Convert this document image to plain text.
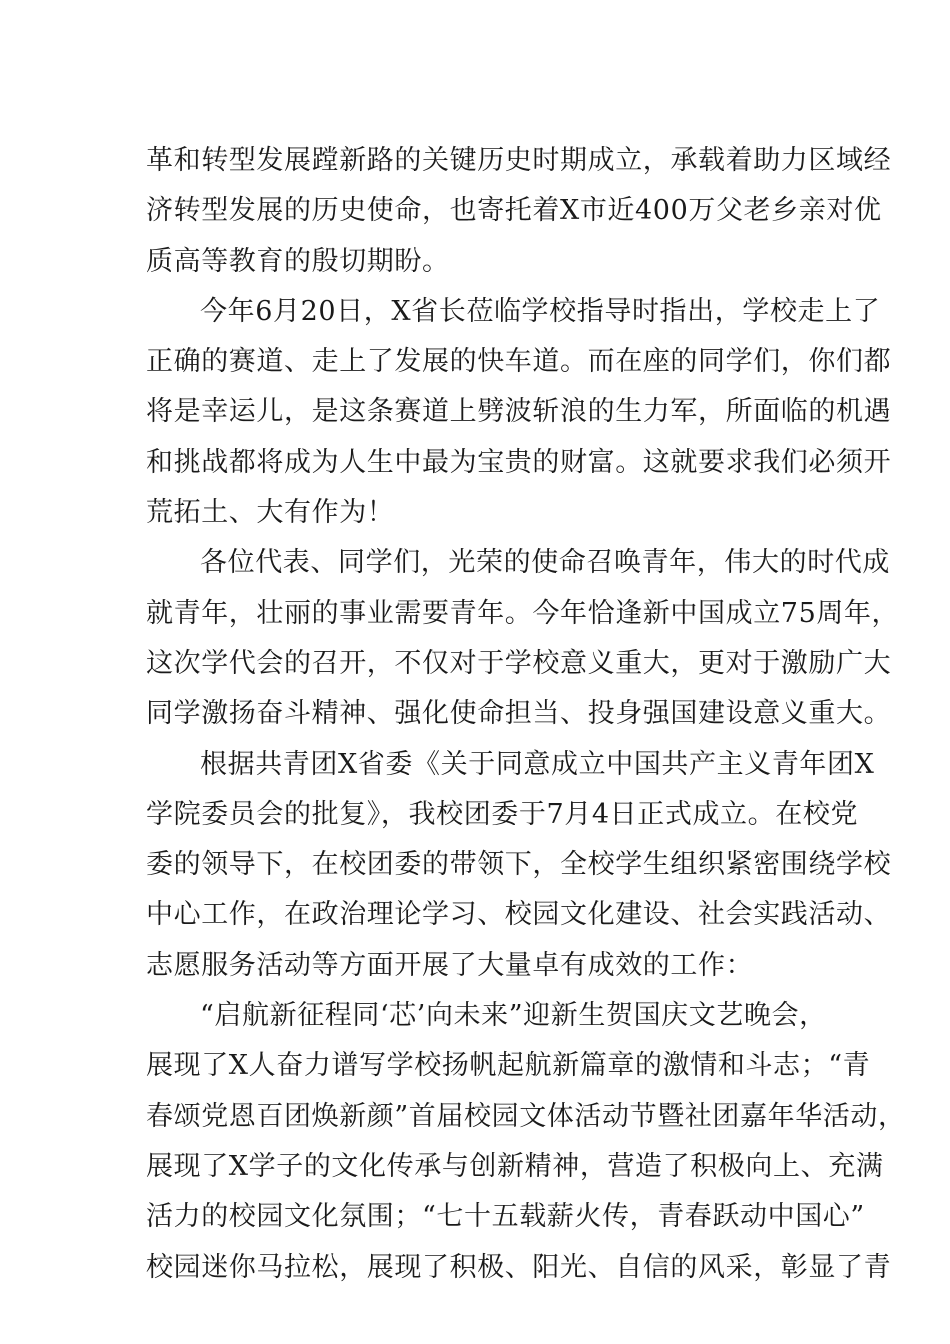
革和转型发展蹚新路的关键历史时期成立，承载着助力区域经
济转型发展的历史使命，也寄托着X市近400万父老乡亲对优
质高等教育的殷切期盼。
今年6月20日，X省长莅临学校指导时指出，学校走上了
正确的赛道、走上了发展的快车道。而在座的同学们，你们都
将是幸运儿，是这条赛道上劈波斩浪的生力军，所面临的机遇
和挑战都将成为人生中最为宝贵的财富。这就要求我们必须开
荒拓土、大有作为！
各位代表、同学们，光荣的使命召唤青年，伟大的时代成
就青年，壮丽的事业需要青年。今年恰逢新中国成立75周年，
这次学代会的召开，不仅对于学校意义重大，更对于激励广大
同学激扬奋斗精神、强化使命担当、投身强国建设意义重大。
根据共青团X省委《关于同意成立中国共产主义青年团X
学院委员会的批复》，我校团委于7月4日正式成立。在校党
委的领导下，在校团委的带领下，全校学生组织紧密围绕学校
中心工作，在政治理论学习、校园文化建设、社会实践活动、
志愿服务活动等方面开展了大量卓有成效的工作：
“启航新征程同‘芯’向未来”迎新生贺国庆文艺晚会，
展现了X人奋力谱写学校扬帆起航新篇章的激情和斗志；“青
春颂党恩百团焕新颜”首届校园文体活动节暨社团嘉年华活动，
展现了X学子的文化传承与创新精神，营造了积极向上、充满
活力的校园文化氛围；“七十五载薪火传，青春跃动中国心”
校园迷你马拉松，展现了积极、阳光、自信的风采，彰显了青
